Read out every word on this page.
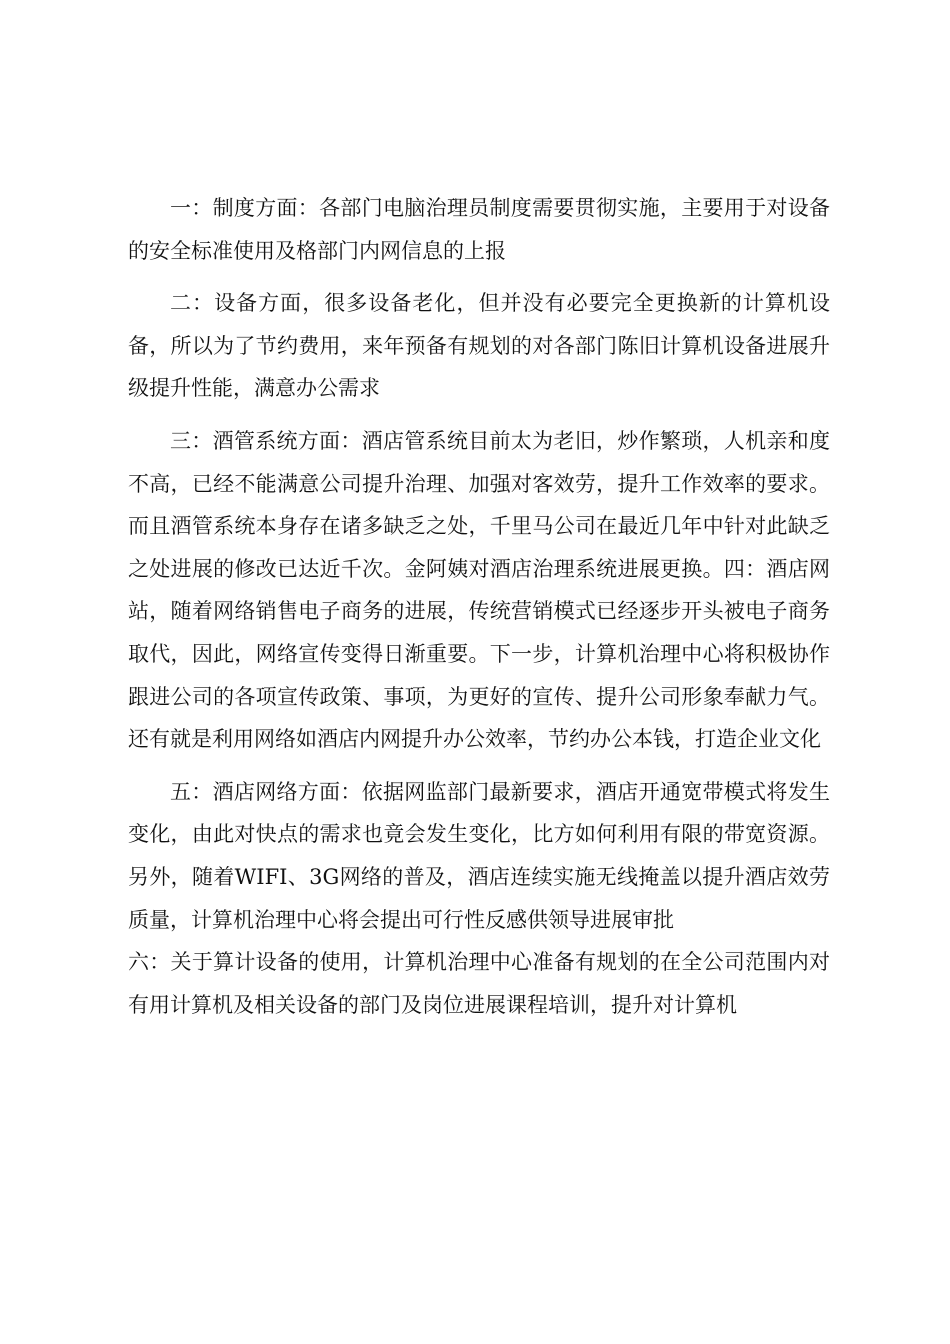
一：制度方面：各部门电脑治理员制度需要贯彻实施，主要用于对设备的安全标准使用及格部门内网信息的上报

二：设备方面，很多设备老化，但并没有必要完全更换新的计算机设备，所以为了节约费用，来年预备有规划的对各部门陈旧计算机设备进展升级提升性能，满意办公需求

三：酒管系统方面：酒店管系统目前太为老旧，炒作繁琐，人机亲和度不高，已经不能满意公司提升治理、加强对客效劳，提升工作效率的要求。而且酒管系统本身存在诸多缺乏之处，千里马公司在最近几年中针对此缺乏之处进展的修改已达近千次。金阿姨对酒店治理系统进展更换。四：酒店网站，随着网络销售电子商务的进展，传统营销模式已经逐步开头被电子商务取代，因此，网络宣传变得日渐重要。下一步，计算机治理中心将积极协作跟进公司的各项宣传政策、事项，为更好的宣传、提升公司形象奉献力气。还有就是利用网络如酒店内网提升办公效率，节约办公本钱，打造企业文化

五：酒店网络方面：依据网监部门最新要求，酒店开通宽带模式将发生变化，由此对快点的需求也竟会发生变化，比方如何利用有限的带宽资源。另外，随着WIFI、3G网络的普及，酒店连续实施无线掩盖以提升酒店效劳质量，计算机治理中心将会提出可行性反感供领导进展审批

六：关于算计设备的使用，计算机治理中心准备有规划的在全公司范围内对有用计算机及相关设备的部门及岗位进展课程培训，提升对计算机
